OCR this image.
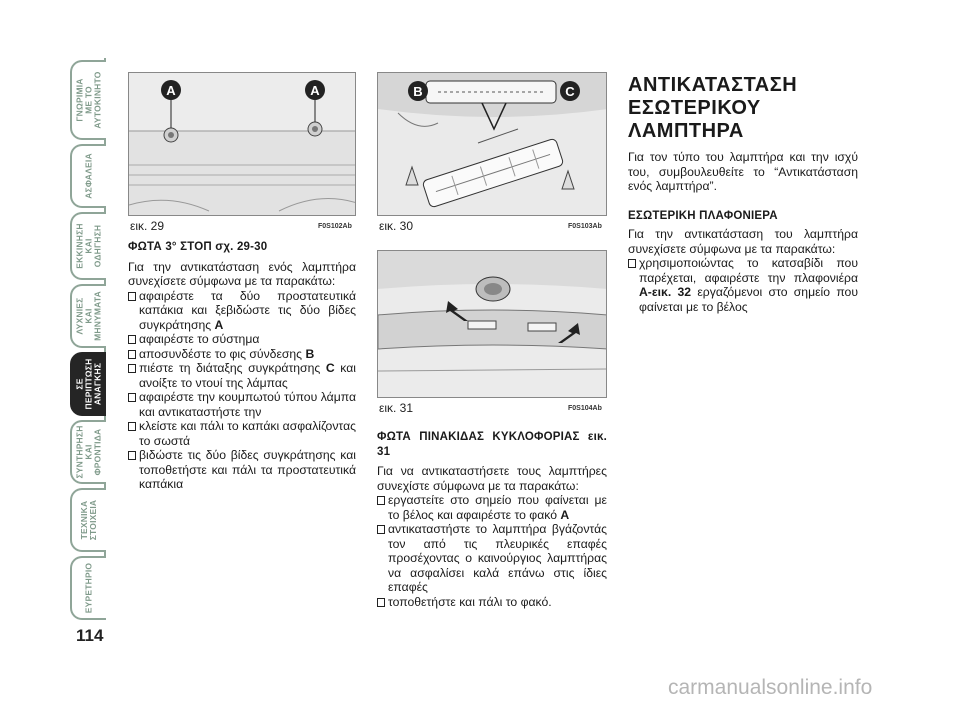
ΓΝΩΡΙΜΙΑ
ΜΕ ΤΟ
ΑΥΤΟΚΙΝΗΤΟ
ΑΣΦΑΛΕΙΑ
ΕΚΚΙΝΗΣΗ
ΚΑΙ
ΟΔΗΓΗΣΗ
ΛΥΧΝΙΕΣ
ΚΑΙ
ΜΗΝΥΜΑΤΑ
ΣΕ
ΠΕΡΙΠΤΩΣΗ
ΑΝΑΓΚΗΣ
ΣΥΝΤΗΡΗΣΗ
ΚΑΙ
ΦΡΟΝΤΙΔΑ
ΤΕΧΝΙΚΑ
ΣΤΟΙΧΕΙΑ
ΕΥΡΕΤΗΡΙΟ
114
A	A
εικ. 29	F0S102Ab
B	C
εικ. 30	F0S103Ab
εικ. 31	F0S104Ab

ΦΩΤΑ 3° ΣΤΟΠ σχ. 29-30

Για την αντικατάσταση ενός λαμπτήρα συνεχίσετε σύμφωνα με τα παρακάτω:

αφαιρέστε τα δύο προστατευτικά καπάκια και ξεβιδώστε τις δύο βίδες συγκράτησης A

αφαιρέστε το σύστημα

αποσυνδέστε το φις σύνδεσης B

πιέστε τη διάταξης συγκράτησης C και ανοίξτε το ντουί της λάμπας

αφαιρέστε την κουμπωτού τύπου λάμπα και αντικαταστήστε την

κλείστε και πάλι το καπάκι ασφαλίζοντας το σωστά

βιδώστε τις δύο βίδες συγκράτησης και τοποθετήστε και πάλι τα προστατευτικά καπάκια

ΦΩΤΑ ΠΙΝΑΚΙΔΑΣ ΚΥΚΛΟΦΟΡΙΑΣ εικ. 31

Για να αντικαταστήσετε τους λαμπτήρες συνεχίστε σύμφωνα με τα παρακάτω:

εργαστείτε στο σημείο που φαίνεται με το βέλος και αφαιρέστε το φακό A

αντικαταστήστε το λαμπτήρα βγάζοντάς τον από τις πλευρικές επαφές προσέχοντας ο καινούργιος λαμπτήρας να ασφαλίσει καλά επάνω στις ίδιες επαφές

τοποθετήστε και πάλι το φακό.

ΑΝΤΙΚΑΤΑΣΤΑΣΗ
ΕΣΩΤΕΡΙΚΟΥ
ΛΑΜΠΤΗΡΑ

Για τον τύπο του λαμπτήρα και την ισχύ του, συμβουλευθείτε το “Αντικατάσταση ενός λαμπτήρα”.

ΕΣΩΤΕΡΙΚΗ ΠΛΑΦΟΝΙΕΡΑ

Για την αντικατάσταση του λαμπτήρα συνεχίσετε σύμφωνα με τα παρακάτω:

χρησιμοποιώντας το κατσαβίδι που παρέχεται, αφαιρέστε την πλαφονιέρα A-εικ. 32 εργαζόμενοι στο σημείο που φαίνεται με το βέλος

carmanualsonline.info
